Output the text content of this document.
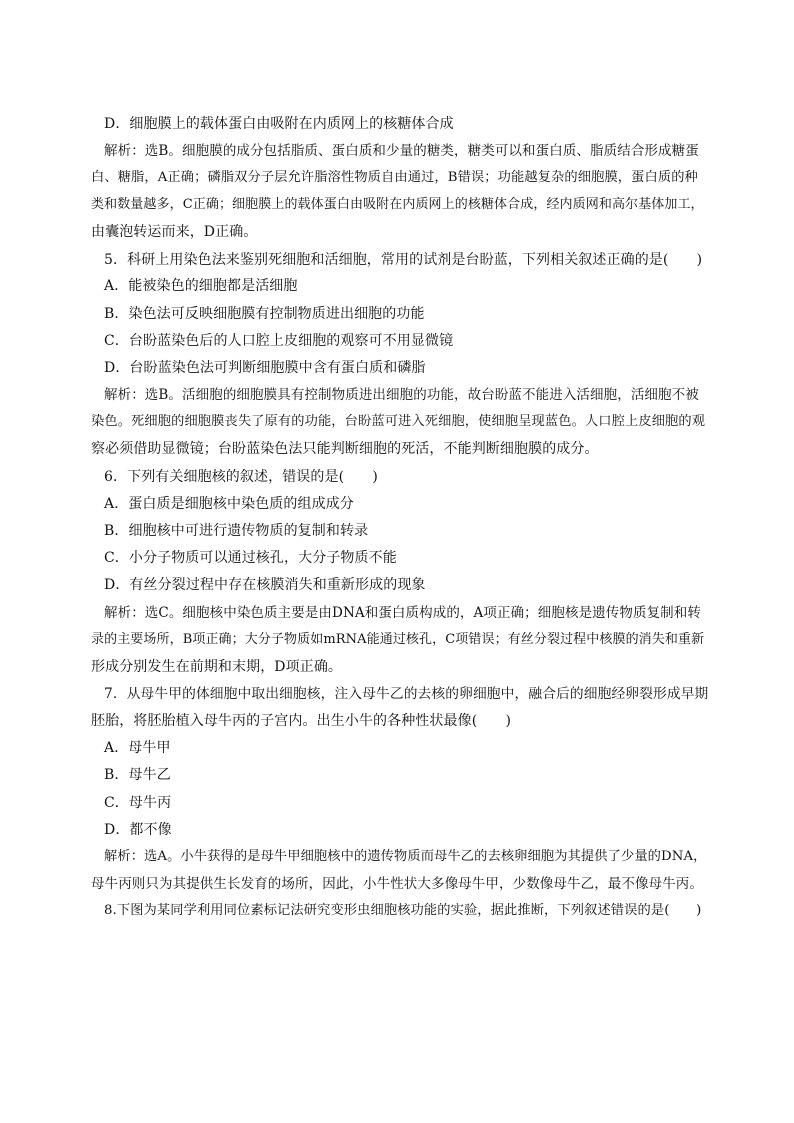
D．细胞膜上的载体蛋白由吸附在内质网上的核糖体合成
解析：选B。细胞膜的成分包括脂质、蛋白质和少量的糖类，糖类可以和蛋白质、脂质结合形成糖蛋
白、糖脂，A正确；磷脂双分子层允许脂溶性物质自由通过，B错误；功能越复杂的细胞膜，蛋白质的种
类和数量越多，C正确；细胞膜上的载体蛋白由吸附在内质网上的核糖体合成，经内质网和高尔基体加工，
由囊泡转运而来，D正确。
5．科研上用染色法来鉴别死细胞和活细胞，常用的试剂是台盼蓝，下列相关叙述正确的是(　　)
A．能被染色的细胞都是活细胞
B．染色法可反映细胞膜有控制物质进出细胞的功能
C．台盼蓝染色后的人口腔上皮细胞的观察可不用显微镜
D．台盼蓝染色法可判断细胞膜中含有蛋白质和磷脂
解析：选B。活细胞的细胞膜具有控制物质进出细胞的功能，故台盼蓝不能进入活细胞，活细胞不被
染色。死细胞的细胞膜丧失了原有的功能，台盼蓝可进入死细胞，使细胞呈现蓝色。人口腔上皮细胞的观
察必须借助显微镜；台盼蓝染色法只能判断细胞的死活，不能判断细胞膜的成分。
6．下列有关细胞核的叙述，错误的是(　　)
A．蛋白质是细胞核中染色质的组成成分
B．细胞核中可进行遗传物质的复制和转录
C．小分子物质可以通过核孔，大分子物质不能
D．有丝分裂过程中存在核膜消失和重新形成的现象
解析：选C。细胞核中染色质主要是由DNA和蛋白质构成的，A项正确；细胞核是遗传物质复制和转
录的主要场所，B项正确；大分子物质如mRNA能通过核孔，C项错误；有丝分裂过程中核膜的消失和重新
形成分别发生在前期和末期，D项正确。
7．从母牛甲的体细胞中取出细胞核，注入母牛乙的去核的卵细胞中，融合后的细胞经卵裂形成早期
胚胎，将胚胎植入母牛丙的子宫内。出生小牛的各种性状最像(　　)
A．母牛甲
B．母牛乙
C．母牛丙
D．都不像
解析：选A。小牛获得的是母牛甲细胞核中的遗传物质而母牛乙的去核卵细胞为其提供了少量的DNA，
母牛丙则只为其提供生长发育的场所，因此，小牛性状大多像母牛甲，少数像母牛乙，最不像母牛丙。
8.下图为某同学利用同位素标记法研究变形虫细胞核功能的实验，据此推断，下列叙述错误的是(　　)
